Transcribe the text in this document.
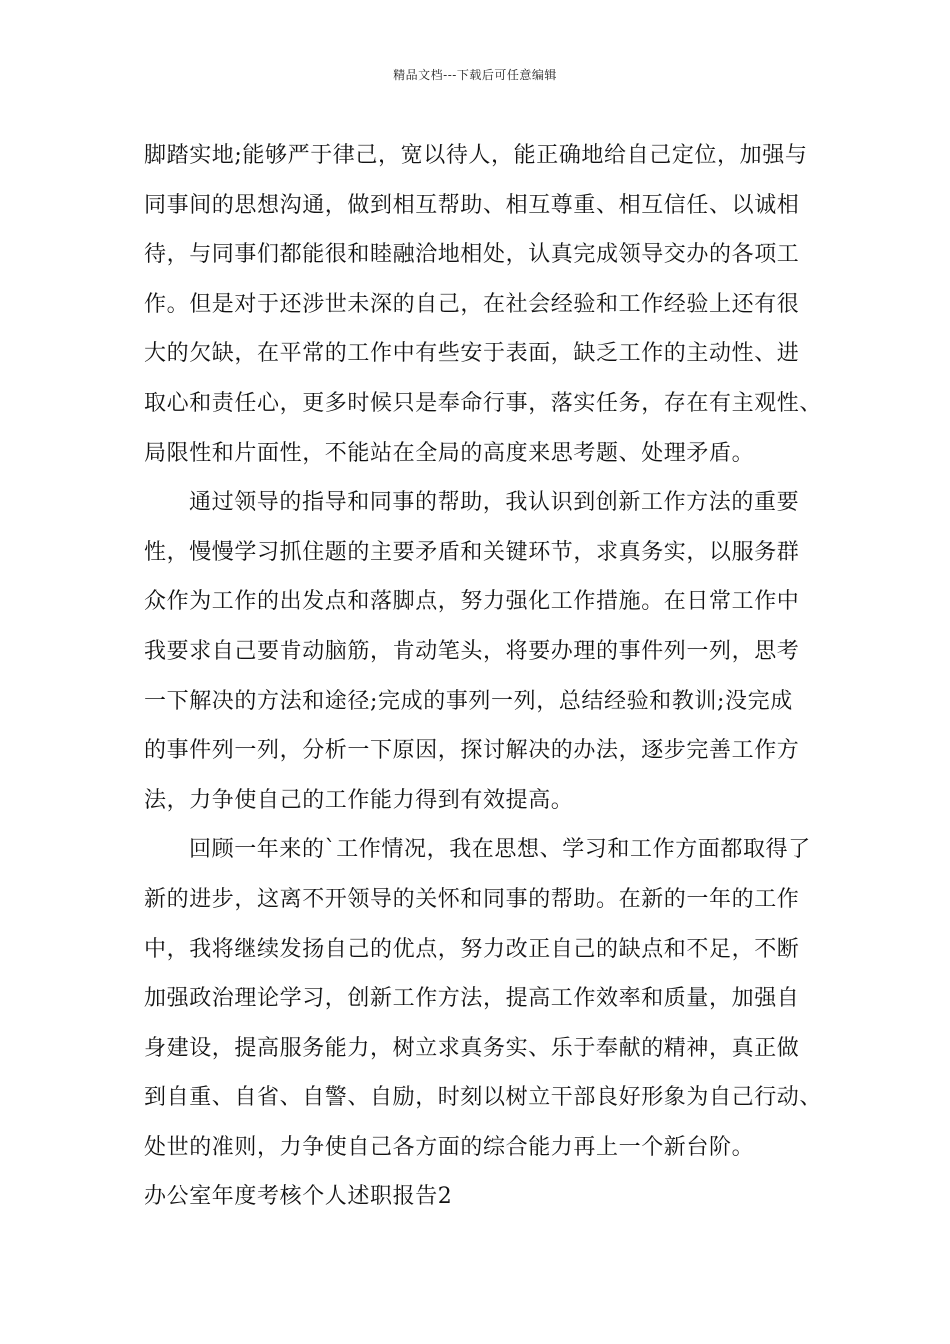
精品文档---下载后可任意编辑
脚踏实地;能够严于律己，宽以待人，能正确地给自己定位，加强与
同事间的思想沟通，做到相互帮助、相互尊重、相互信任、以诚相
待，与同事们都能很和睦融洽地相处，认真完成领导交办的各项工
作。但是对于还涉世未深的自己，在社会经验和工作经验上还有很
大的欠缺，在平常的工作中有些安于表面，缺乏工作的主动性、进
取心和责任心，更多时候只是奉命行事，落实任务，存在有主观性、
局限性和片面性，不能站在全局的高度来思考题、处理矛盾。
通过领导的指导和同事的帮助，我认识到创新工作方法的重要
性，慢慢学习抓住题的主要矛盾和关键环节，求真务实，以服务群
众作为工作的出发点和落脚点，努力强化工作措施。在日常工作中
我要求自己要肯动脑筋，肯动笔头，将要办理的事件列一列，思考
一下解决的方法和途径;完成的事列一列，总结经验和教训;没完成
的事件列一列，分析一下原因，探讨解决的办法，逐步完善工作方
法，力争使自己的工作能力得到有效提高。
回顾一年来的`工作情况，我在思想、学习和工作方面都取得了
新的进步，这离不开领导的关怀和同事的帮助。在新的一年的工作
中，我将继续发扬自己的优点，努力改正自己的缺点和不足，不断
加强政治理论学习，创新工作方法，提高工作效率和质量，加强自
身建设，提高服务能力，树立求真务实、乐于奉献的精神，真正做
到自重、自省、自警、自励，时刻以树立干部良好形象为自己行动、
处世的准则，力争使自己各方面的综合能力再上一个新台阶。
办公室年度考核个人述职报告2
